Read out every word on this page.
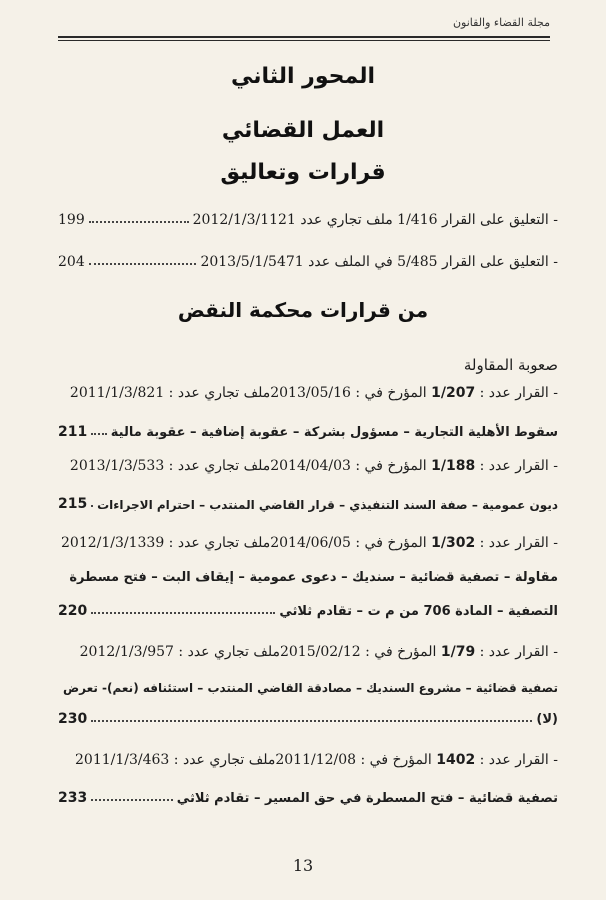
مجلة القضاء والقانون
المحور الثاني
العمل القضائي
قرارات وتعاليق
- التعليق على القرار 1/416 ملف تجاري عدد 2012/1/3/1121
199
- التعليق على القرار 5/485 في الملف عدد 2013/5/1/5471
204
من قرارات محكمة النقض
صعوبة المقاولة
- القرار عدد : 1/207 المؤرخ في : 2013/05/16
ملف تجاري عدد : 2011/1/3/821
سقوط الأهلية التجارية – مسؤول بشركة – عقوبة إضافية – عقوبة مالية
211
- القرار عدد : 1/188 المؤرخ في : 2014/04/03
ملف تجاري عدد : 2013/1/3/533
ديون عمومية – صفة السند التنفيذي – قرار القاضي المنتدب – احترام الاجراءات
215
- القرار عدد : 1/302 المؤرخ في : 2014/06/05
ملف تجاري عدد : 2012/1/3/1339
مقاولة – تصفية قضائية – سنديك – دعوى عمومية – إيقاف البت – فتح مسطرة
التصفية – المادة 706 من م ت – تقادم ثلاثي
220
- القرار عدد : 1/79 المؤرخ في : 2015/02/12
ملف تجاري عدد : 2012/1/3/957
تصفية قضائية – مشروع السنديك – مصادقة القاضي المنتدب – استئنافه (نعم)- تعرض
(لا)
230
- القرار عدد : 1402 المؤرخ في : 2011/12/08
ملف تجاري عدد : 2011/1/3/463
تصفية قضائية – فتح المسطرة في حق المسير – تقادم ثلاثي
233
13
